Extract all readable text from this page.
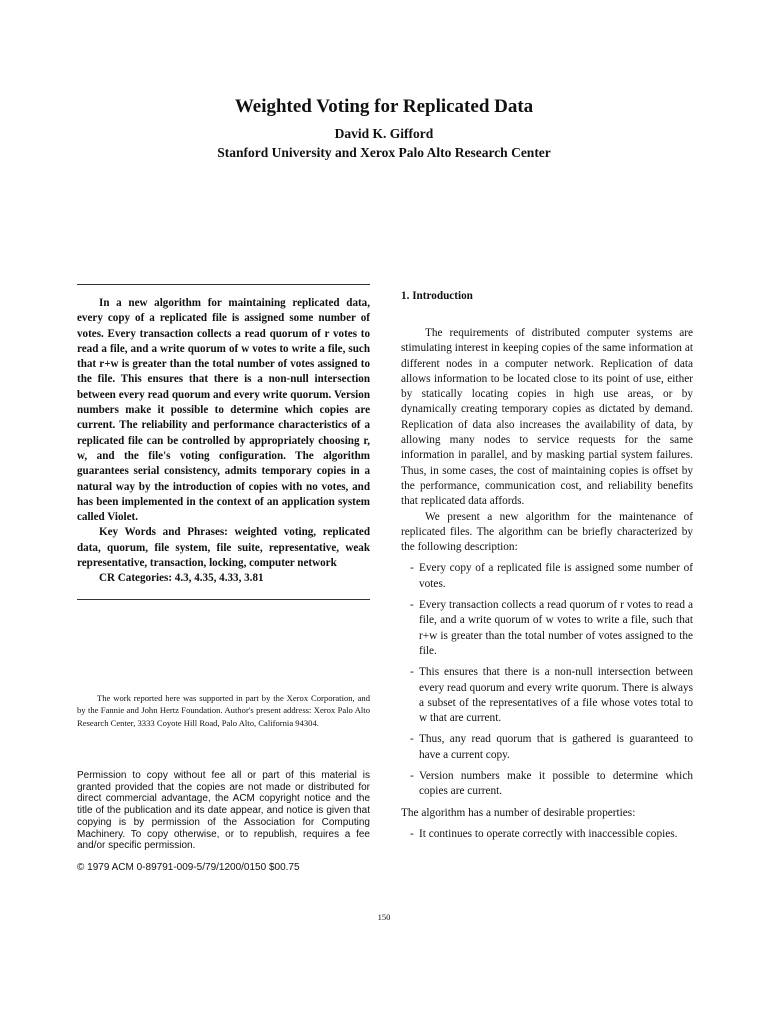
Weighted Voting for Replicated Data
David K. Gifford
Stanford University and Xerox Palo Alto Research Center

In a new algorithm for maintaining replicated data, every copy of a replicated file is assigned some number of votes. Every transaction collects a read quorum of r votes to read a file, and a write quorum of w votes to write a file, such that r+w is greater than the total number of votes assigned to the file. This ensures that there is a non-null intersection between every read quorum and every write quorum. Version numbers make it possible to determine which copies are current. The reliability and performance characteristics of a replicated file can be controlled by appropriately choosing r, w, and the file's voting configuration. The algorithm guarantees serial consistency, admits temporary copies in a natural way by the introduction of copies with no votes, and has been implemented in the context of an application system called Violet.

Key Words and Phrases: weighted voting, replicated data, quorum, file system, file suite, representative, weak representative, transaction, locking, computer network

CR Categories: 4.3, 4.35, 4.33, 3.81

The work reported here was supported in part by the Xerox Corporation, and by the Fannie and John Hertz Foundation. Author's present address: Xerox Palo Alto Research Center, 3333 Coyote Hill Road, Palo Alto, California 94304.

Permission to copy without fee all or part of this material is granted provided that the copies are not made or distributed for direct commercial advantage, the ACM copyright notice and the title of the publication and its date appear, and notice is given that copying is by permission of the Association for Computing Machinery. To copy otherwise, or to republish, requires a fee and/or specific permission.

© 1979 ACM 0-89791-009-5/79/1200/0150 $00.75
1. Introduction

The requirements of distributed computer systems are stimulating interest in keeping copies of the same information at different nodes in a computer network. Replication of data allows information to be located close to its point of use, either by statically locating copies in high use areas, or by dynamically creating temporary copies as dictated by demand. Replication of data also increases the availability of data, by allowing many nodes to service requests for the same information in parallel, and by masking partial system failures. Thus, in some cases, the cost of maintaining copies is offset by the performance, communication cost, and reliability benefits that replicated data affords.

We present a new algorithm for the maintenance of replicated files. The algorithm can be briefly characterized by the following description:

- Every copy of a replicated file is assigned some number of votes.
- Every transaction collects a read quorum of r votes to read a file, and a write quorum of w votes to write a file, such that r+w is greater than the total number of votes assigned to the file.
- This ensures that there is a non-null intersection between every read quorum and every write quorum. There is always a subset of the representatives of a file whose votes total to w that are current.
- Thus, any read quorum that is gathered is guaranteed to have a current copy.
- Version numbers make it possible to determine which copies are current.

The algorithm has a number of desirable properties:

- It continues to operate correctly with inaccessible copies.
150
